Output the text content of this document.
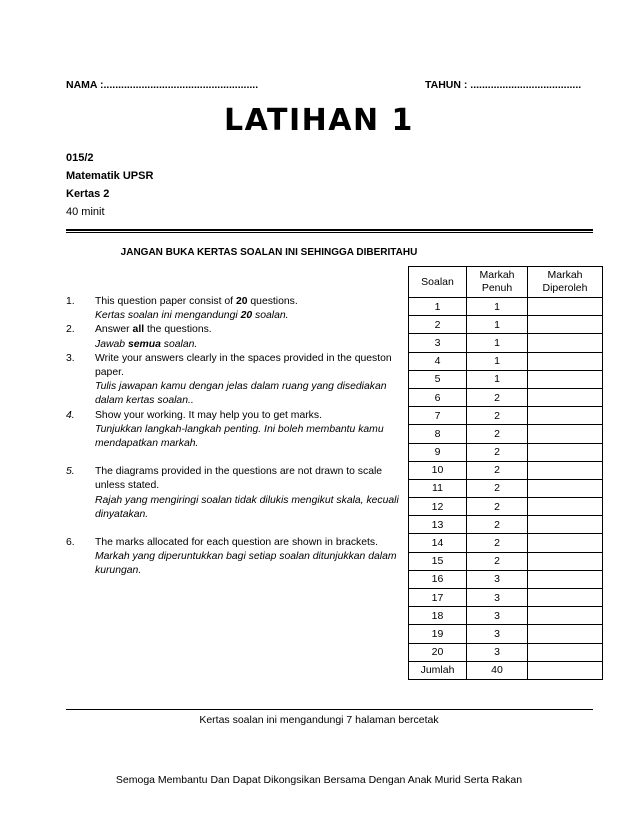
NAMA :.....................................................	TAHUN : ......................................
LATIHAN 1
015/2
Matematik UPSR
Kertas 2
40 minit
JANGAN BUKA KERTAS SOALAN INI SEHINGGA DIBERITAHU
1. This question paper consist of 20 questions.
Kertas soalan ini mengandungi 20 soalan.
2. Answer all the questions.
Jawab semua soalan.
3. Write your answers clearly in the spaces provided in the queston paper.
Tulis jawapan kamu dengan jelas dalam ruang yang disediakan dalam kertas soalan..
4. Show your working. It may help you to get marks.
Tunjukkan langkah-langkah penting. Ini boleh membantu kamu mendapatkan markah.
5. The diagrams provided in the questions are not drawn to scale unless stated.
Rajah yang mengiringi soalan tidak dilukis mengikut skala, kecuali dinyatakan.
6. The marks allocated for each question are shown in brackets.
Markah yang diperuntukkan bagi setiap soalan ditunjukkan dalam kurungan.
Soalan	Markah Penuh	Markah Diperoleh
1	1	
2	1	
3	1	
4	1	
5	1	
6	2	
7	2	
8	2	
9	2	
10	2	
11	2	
12	2	
13	2	
14	2	
15	2	
16	3	
17	3	
18	3	
19	3	
20	3	
Jumlah	40	
Kertas soalan ini mengandungi 7 halaman bercetak
Semoga Membantu Dan Dapat Dikongsikan Bersama Dengan Anak Murid Serta Rakan
